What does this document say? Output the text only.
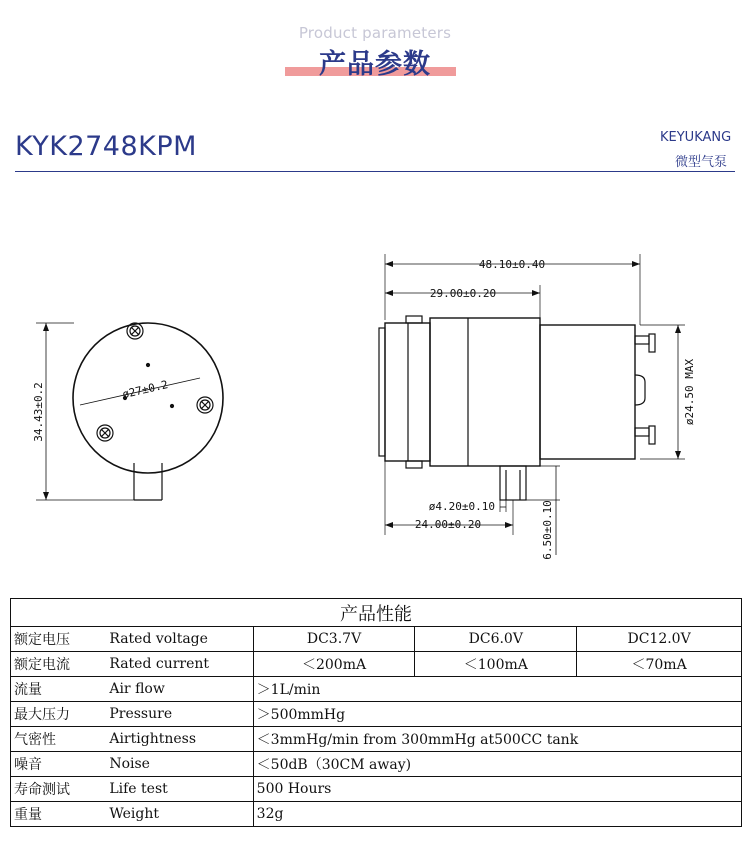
Product parameters
产品参数
KYK2748KPM	KEYUKANG
微型气泵
34.43±0.2	ø27±0.2
48.10±0.40
29.00±0.20
ø24.50 MAX
ø4.20±0.10
24.00±0.20	6.50±0.10
产品性能				
额定电压	Rated voltage	DC3.7V	DC6.0V	DC12.0V
额定电流	Rated current	＜200mA	＜100mA	＜70mA
流量	Air flow	＞1L/min		
最大压力	Pressure	＞500mmHg		
气密性	Airtightness	＜3mmHg/min from 300mmHg at500CC tank		
噪音	Noise	＜50dB（30CM away)		
寿命测试	Life test	500 Hours		
重量	Weight	32g		
